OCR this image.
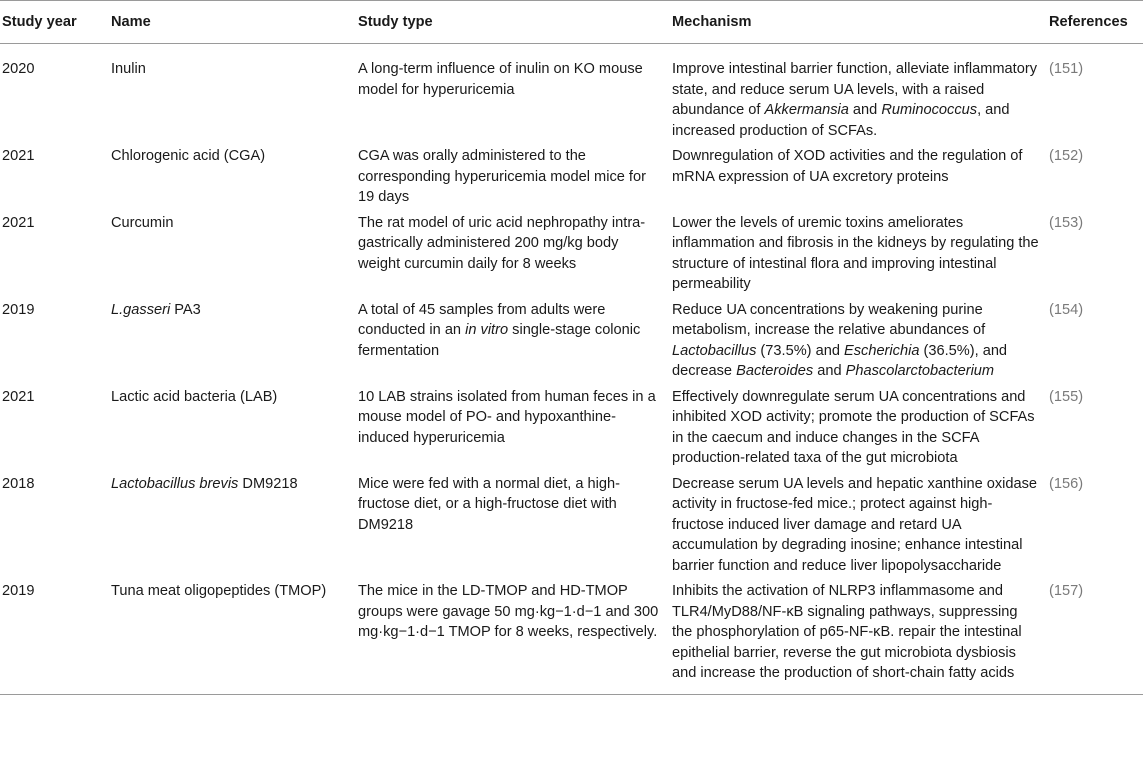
Study year	Name	Study type	Mechanism	References
2020	Inulin	A long-term influence of inulin on KO mouse model for hyperuricemia	Improve intestinal barrier function, alleviate inflammatory state, and reduce serum UA levels, with a raised abundance of Akkermansia and Ruminococcus, and increased production of SCFAs.	(151)
2021	Chlorogenic acid (CGA)	CGA was orally administered to the corresponding hyperuricemia model mice for 19 days	Downregulation of XOD activities and the regulation of mRNA expression of UA excretory proteins	(152)
2021	Curcumin	The rat model of uric acid nephropathy intra-gastrically administered 200 mg/kg body weight curcumin daily for 8 weeks	Lower the levels of uremic toxins ameliorates inflammation and fibrosis in the kidneys by regulating the structure of intestinal flora and improving intestinal permeability	(153)
2019	L.gasseri PA3	A total of 45 samples from adults were conducted in an in vitro single-stage colonic fermentation	Reduce UA concentrations by weakening purine metabolism, increase the relative abundances of Lactobacillus (73.5%) and Escherichia (36.5%), and decrease Bacteroides and Phascolarctobacterium	(154)
2021	Lactic acid bacteria (LAB)	10 LAB strains isolated from human feces in a mouse model of PO- and hypoxanthine-induced hyperuricemia	Effectively downregulate serum UA concentrations and inhibited XOD activity; promote the production of SCFAs in the caecum and induce changes in the SCFA production-related taxa of the gut microbiota	(155)
2018	Lactobacillus brevis DM9218	Mice were fed with a normal diet, a high-fructose diet, or a high-fructose diet with DM9218	Decrease serum UA levels and hepatic xanthine oxidase activity in fructose-fed mice.; protect against high-fructose induced liver damage and retard UA accumulation by degrading inosine; enhance intestinal barrier function and reduce liver lipopolysaccharide	(156)
2019	Tuna meat oligopeptides (TMOP)	The mice in the LD-TMOP and HD-TMOP groups were gavage 50 mg·kg−1·d−1 and 300 mg·kg−1·d−1 TMOP for 8 weeks, respectively.	Inhibits the activation of NLRP3 inflammasome and TLR4/MyD88/NF-κB signaling pathways, suppressing the phosphorylation of p65-NF-κB. repair the intestinal epithelial barrier, reverse the gut microbiota dysbiosis and increase the production of short-chain fatty acids	(157)
